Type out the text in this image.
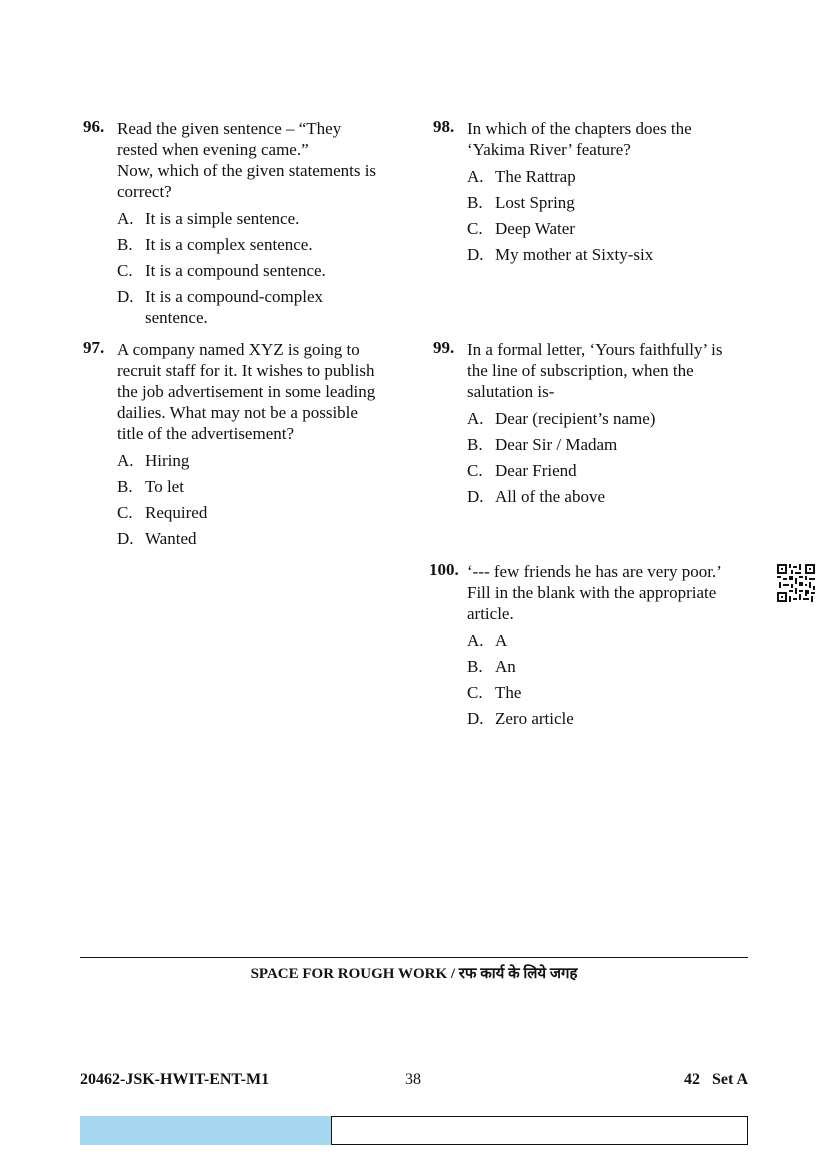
96. Read the given sentence – “They
rested when evening came.”
Now, which of the given statements is
correct?
A. It is a simple sentence.
B. It is a complex sentence.
C. It is a compound sentence.
D. It is a compound-complex sentence.
97. A company named XYZ is going to
recruit staff for it. It wishes to publish
the job advertisement in some leading
dailies. What may not be a possible
title of the advertisement?
A. Hiring
B. To let
C. Required
D. Wanted
98. In which of the chapters does the
‘Yakima River’ feature?
A. The Rattrap
B. Lost Spring
C. Deep Water
D. My mother at Sixty-six
99. In a formal letter, ‘Yours faithfully’ is
the line of subscription, when the
salutation is-
A. Dear (recipient’s name)
B. Dear Sir / Madam
C. Dear Friend
D. All of the above
100. ‘--- few friends he has are very poor.’
Fill in the blank with the appropriate
article.
A. A
B. An
C. The
D. Zero article
SPACE FOR ROUGH WORK / रफ कार्य के लिये जगह
20462-JSK-HWIT-ENT-M1	38	42   Set A
